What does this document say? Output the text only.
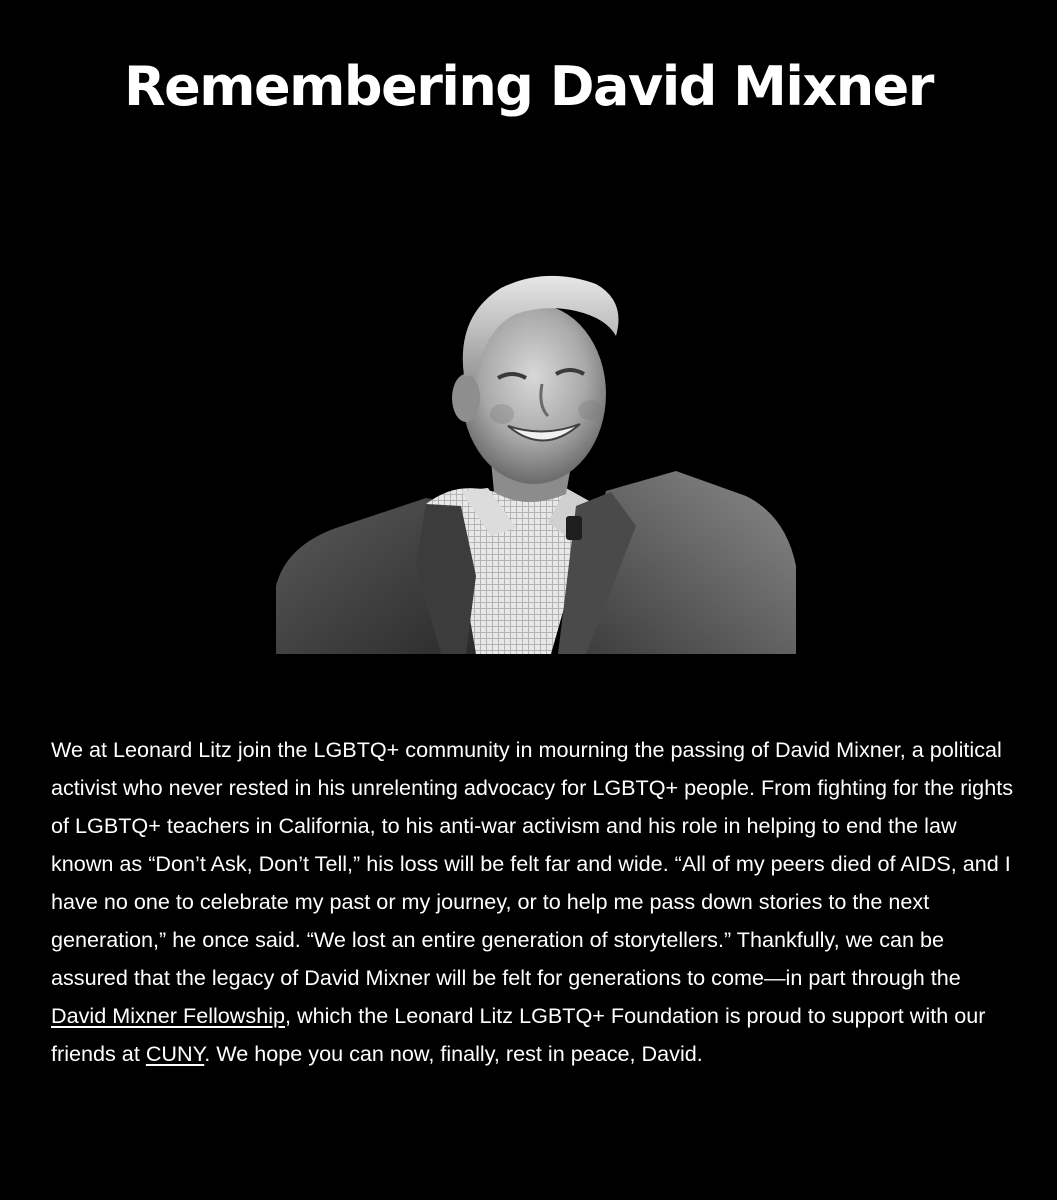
Remembering David Mixner

We at Leonard Litz join the LGBTQ+ community in mourning the passing of David Mixner, a political activist who never rested in his unrelenting advocacy for LGBTQ+ people. From fighting for the rights of LGBTQ+ teachers in California, to his anti-war activism and his role in helping to end the law known as “Don’t Ask, Don’t Tell,” his loss will be felt far and wide. “All of my peers died of AIDS, and I have no one to celebrate my past or my journey, or to help me pass down stories to the next generation,” he once said. “We lost an entire generation of storytellers.” Thankfully, we can be assured that the legacy of David Mixner will be felt for generations to come—in part through the David Mixner Fellowship, which the Leonard Litz LGBTQ+ Foundation is proud to support with our friends at CUNY. We hope you can now, finally, rest in peace, David.
